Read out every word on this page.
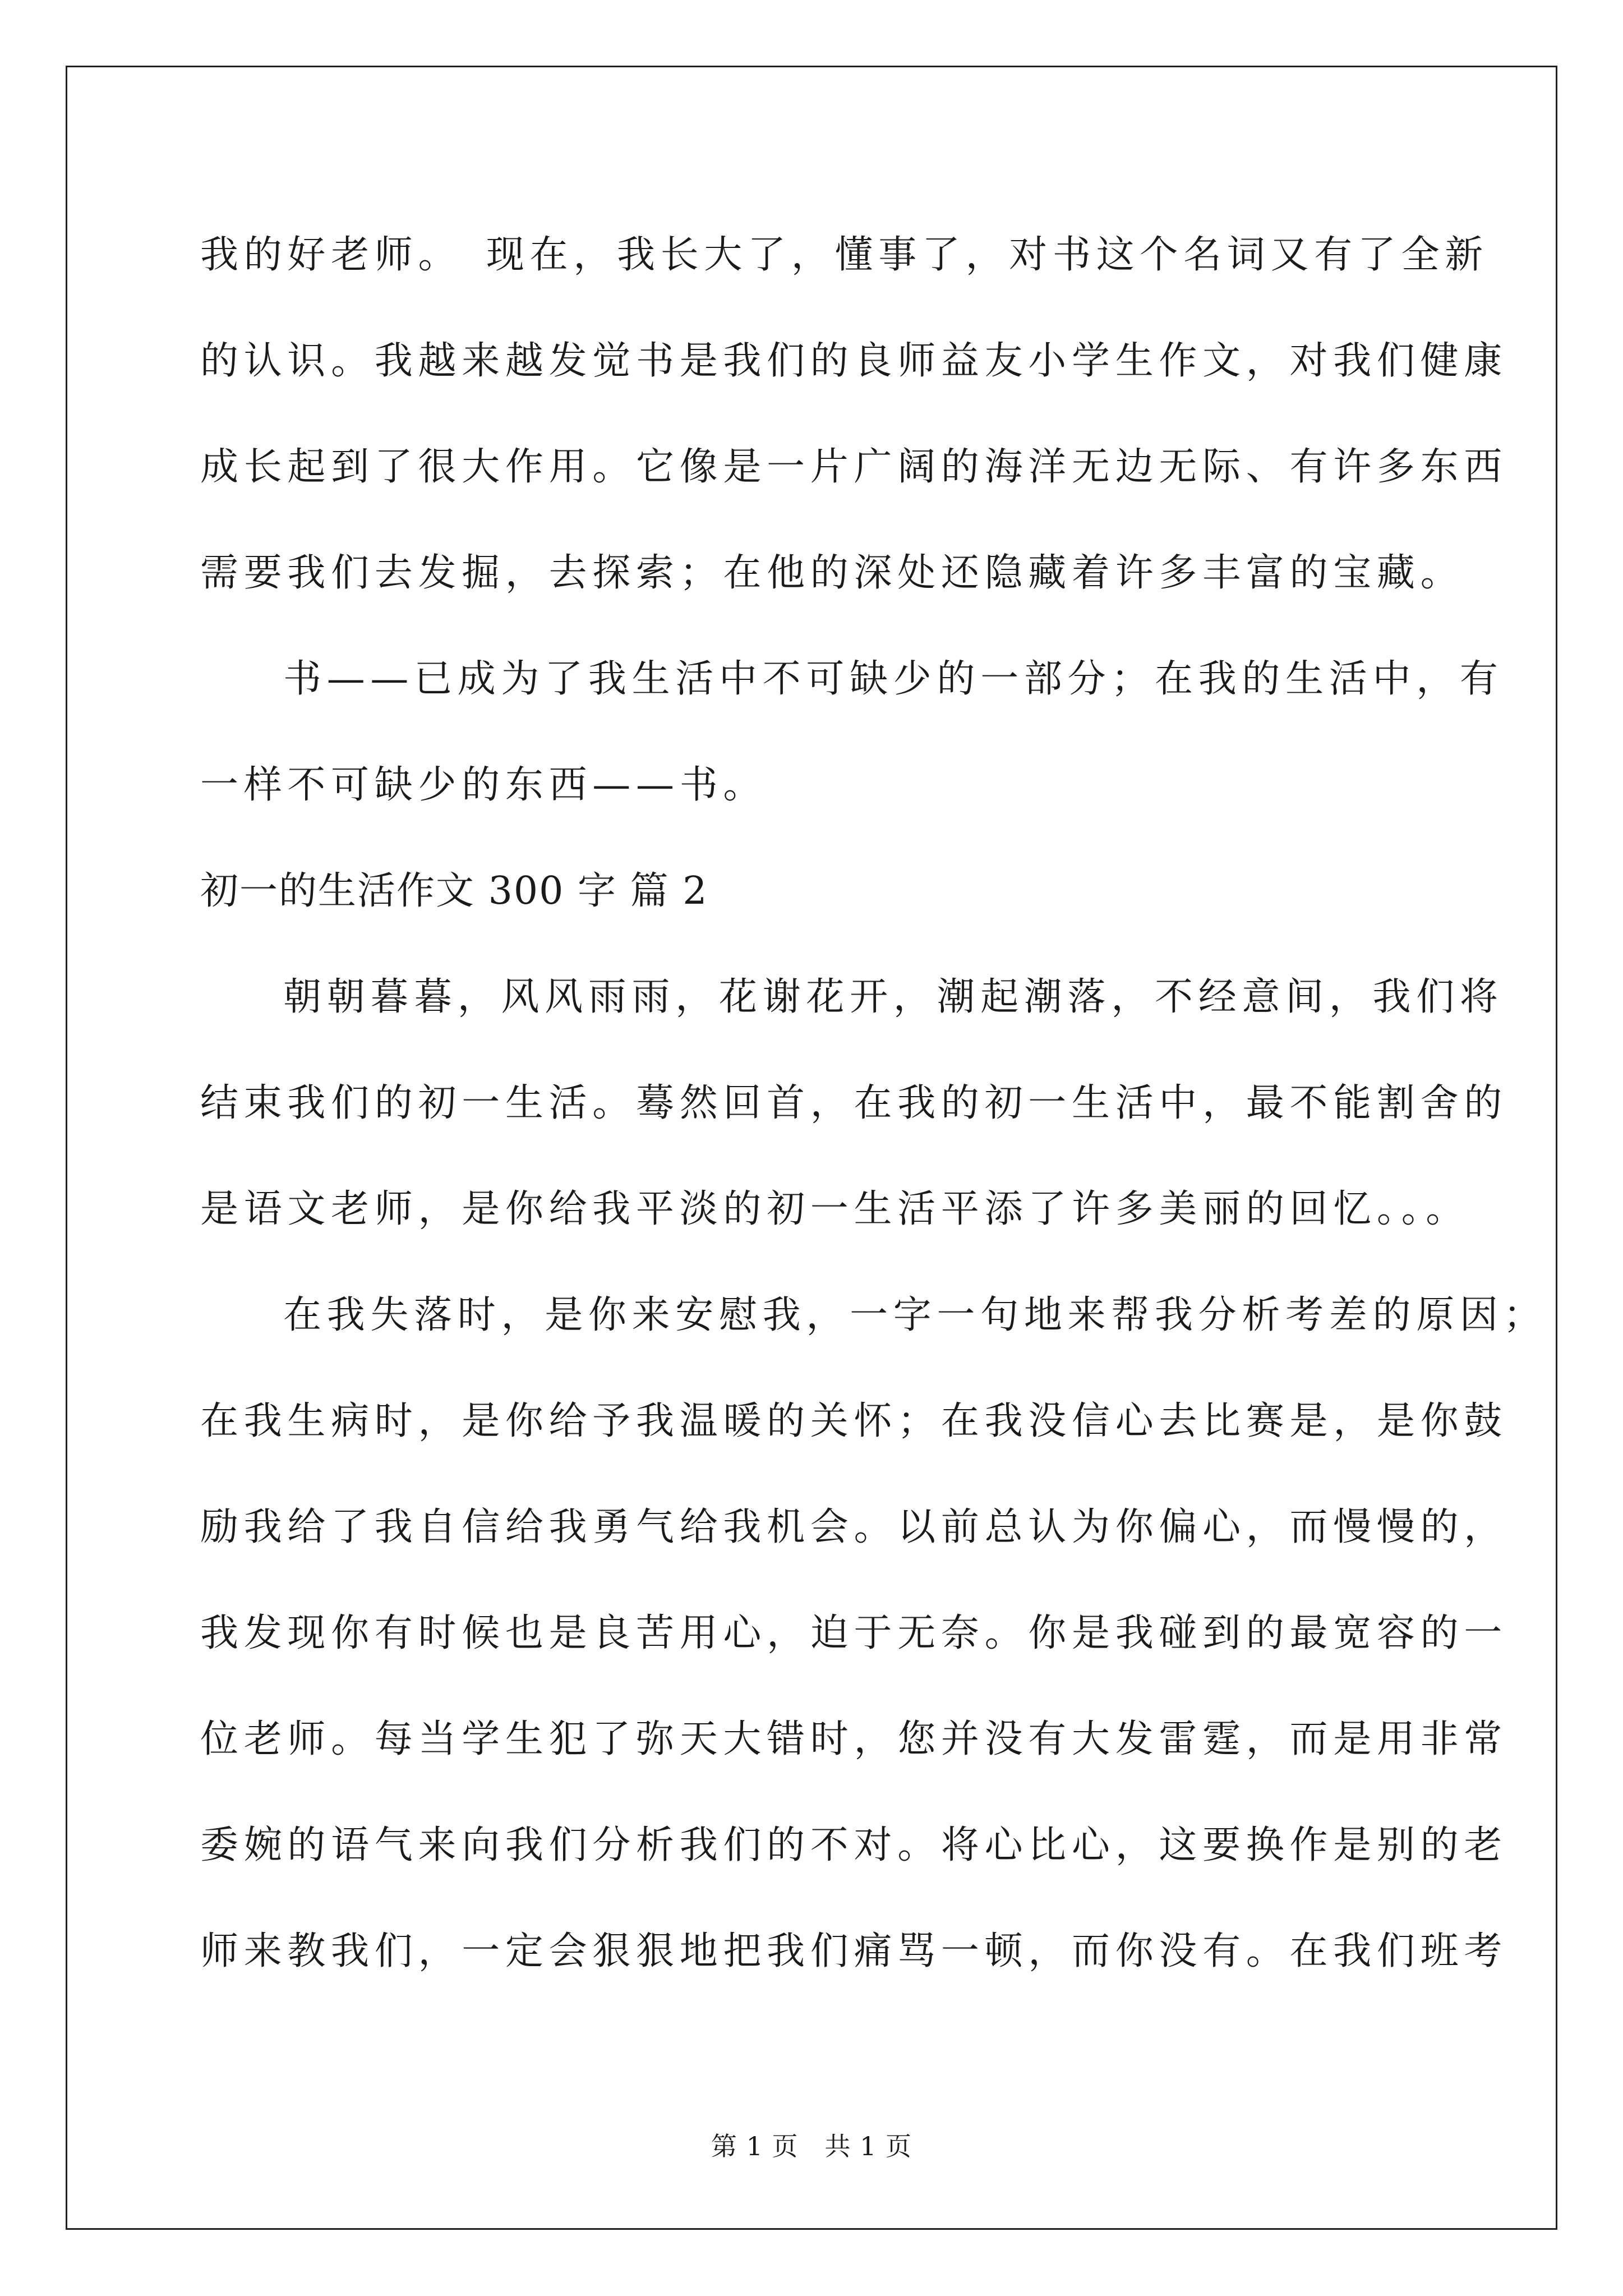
我的好老师。　现在，我长大了，懂事了，对书这个名词又有了全新
的认识。我越来越发觉书是我们的良师益友小学生作文，对我们健康
成长起到了很大作用。它像是一片广阔的海洋无边无际、有许多东西
需要我们去发掘，去探索；在他的深处还隐藏着许多丰富的宝藏。
书——已成为了我生活中不可缺少的一部分；在我的生活中，有
一样不可缺少的东西——书。
初一的生活作文 300 字 篇 2
朝朝暮暮，风风雨雨，花谢花开，潮起潮落，不经意间，我们将
结束我们的初一生活。蓦然回首，在我的初一生活中，最不能割舍的
是语文老师，是你给我平淡的初一生活平添了许多美丽的回忆。。。
在我失落时，是你来安慰我，一字一句地来帮我分析考差的原因；
在我生病时，是你给予我温暖的关怀；在我没信心去比赛是，是你鼓
励我给了我自信给我勇气给我机会。以前总认为你偏心，而慢慢的，
我发现你有时候也是良苦用心，迫于无奈。你是我碰到的最宽容的一
位老师。每当学生犯了弥天大错时，您并没有大发雷霆，而是用非常
委婉的语气来向我们分析我们的不对。将心比心，这要换作是别的老
师来教我们，一定会狠狠地把我们痛骂一顿，而你没有。在我们班考
第 1 页　共 1 页
